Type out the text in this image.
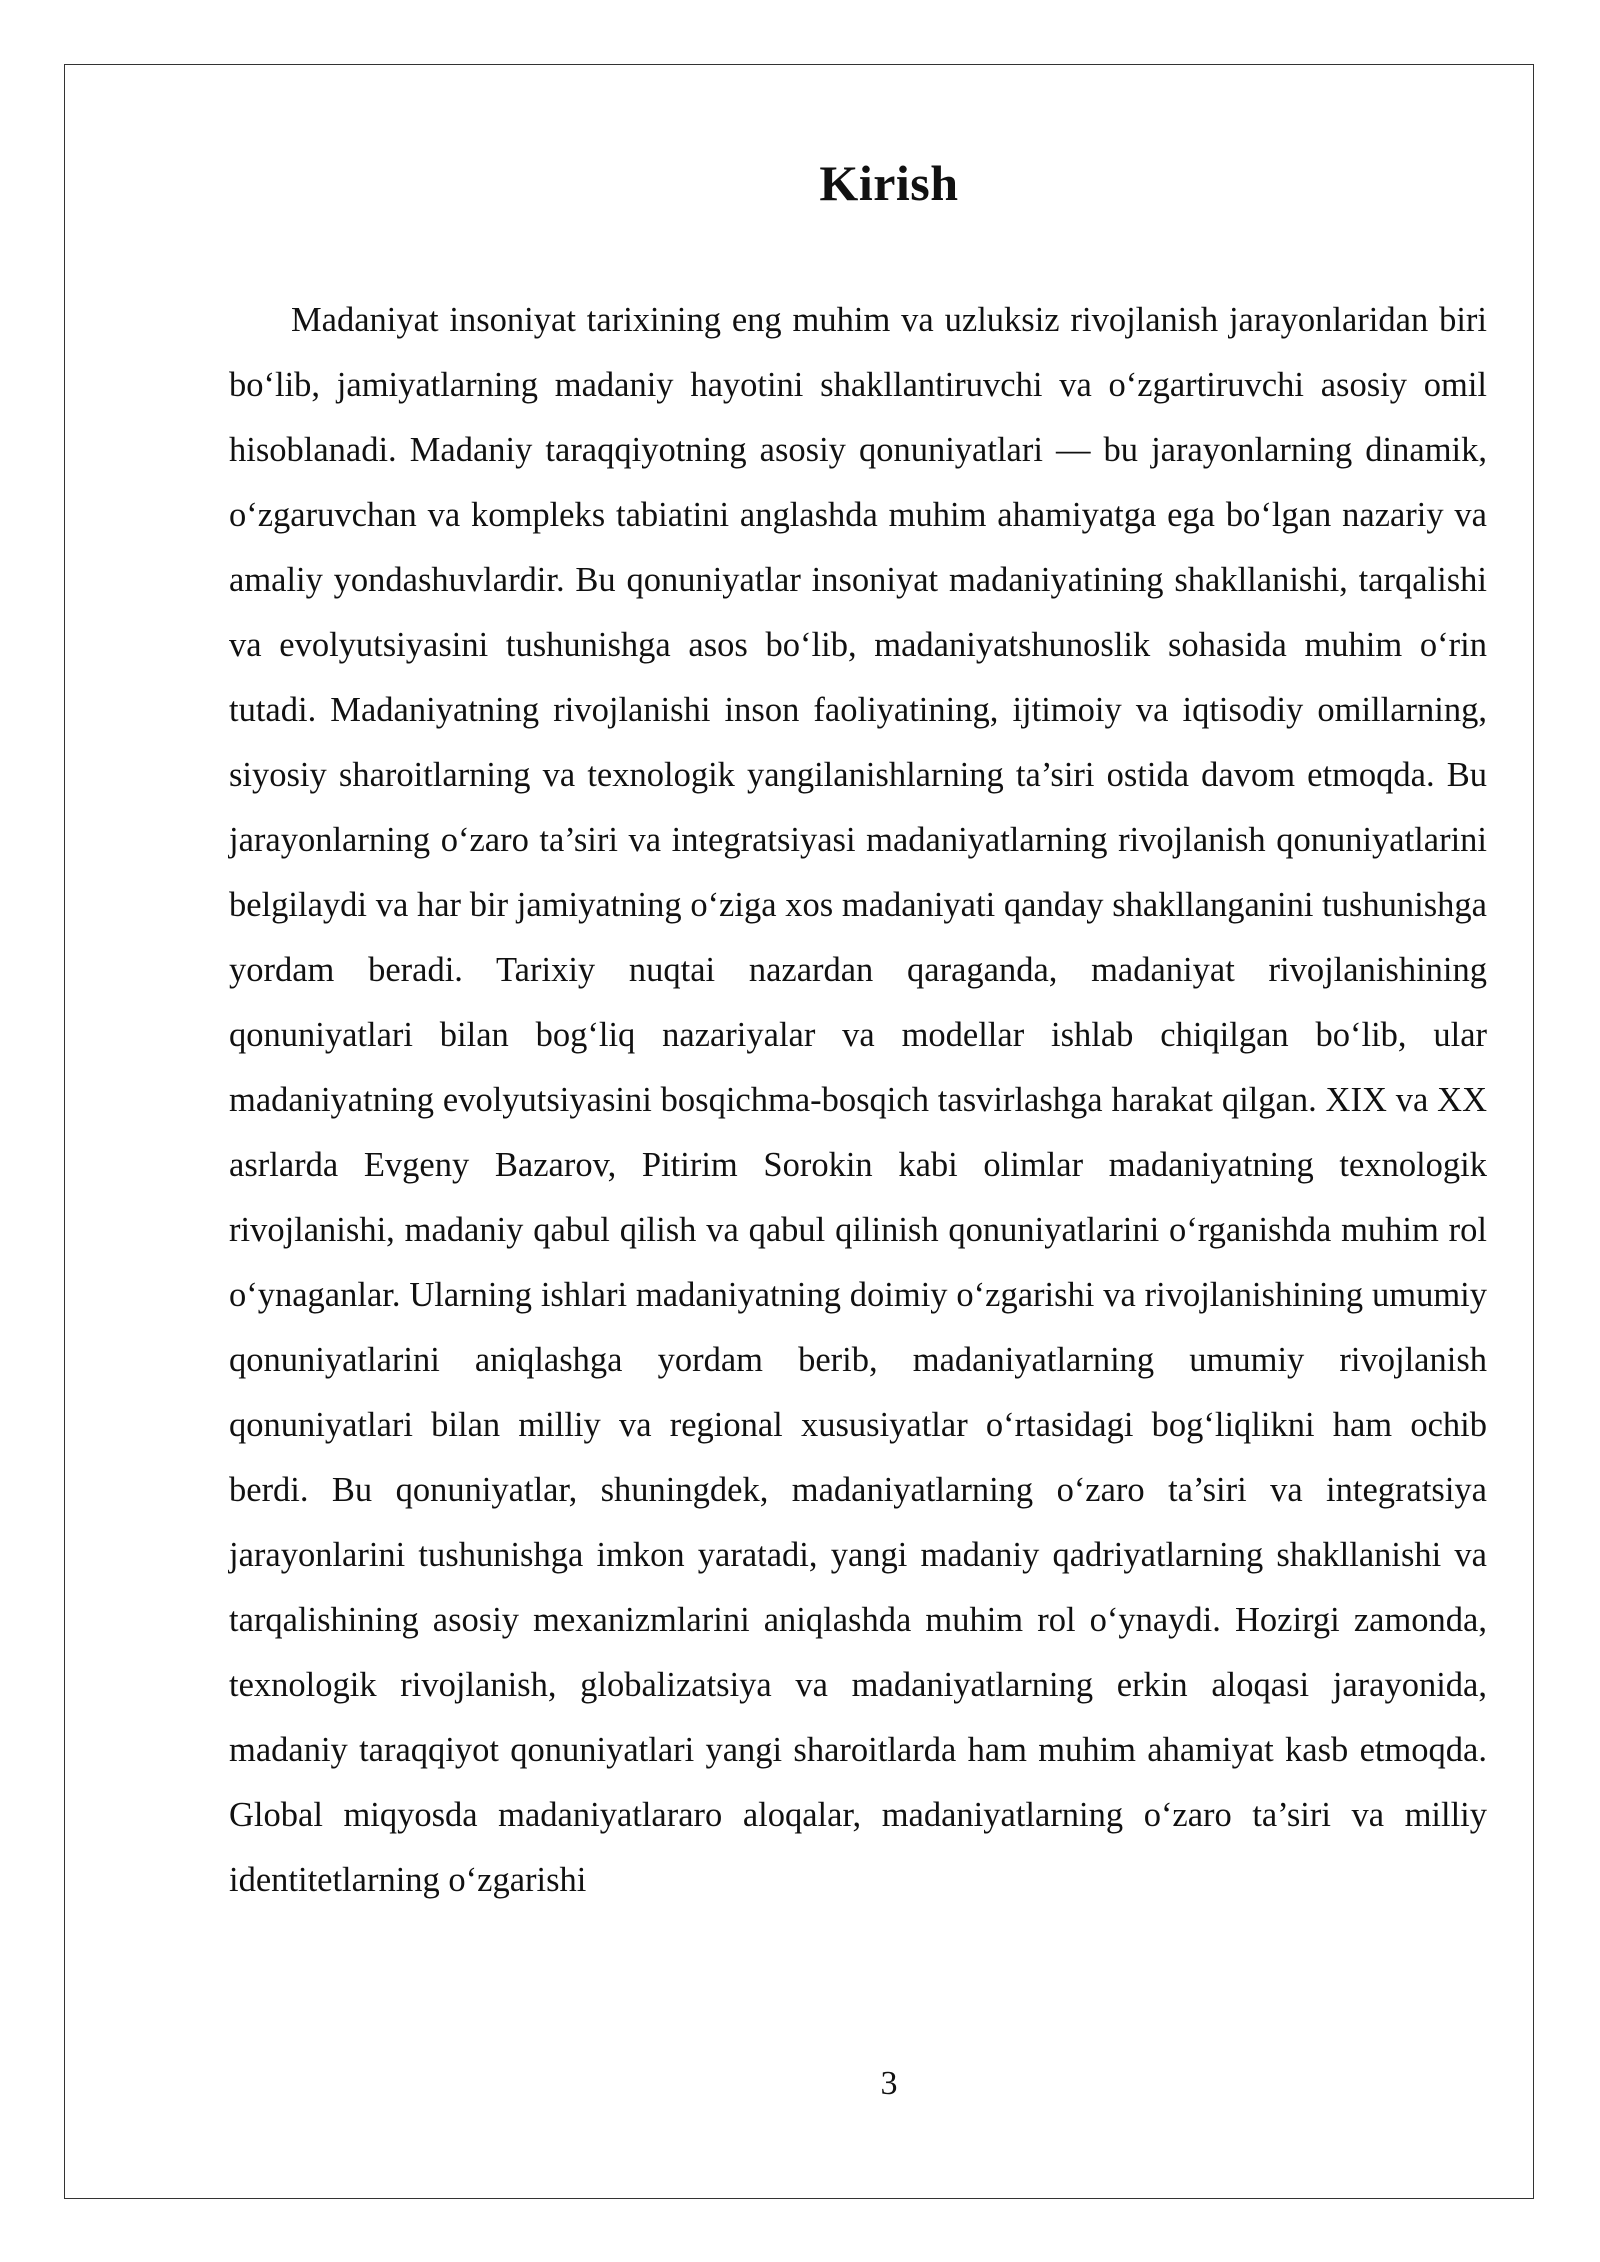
Kirish

Madaniyat insoniyat tarixining eng muhim va uzluksiz rivojlanish jarayonlaridan biri bo‘lib, jamiyatlarning madaniy hayotini shakllantiruvchi va o‘zgartiruvchi asosiy omil hisoblanadi. Madaniy taraqqiyotning asosiy qonuniyatlari — bu jarayonlarning dinamik, o‘zgaruvchan va kompleks tabiatini anglashda muhim ahamiyatga ega bo‘lgan nazariy va amaliy yondashuvlardir. Bu qonuniyatlar insoniyat madaniyatining shakllanishi, tarqalishi va evolyutsiyasini tushunishga asos bo‘lib, madaniyatshunoslik sohasida muhim o‘rin tutadi. Madaniyatning rivojlanishi inson faoliyatining, ijtimoiy va iqtisodiy omillarning, siyosiy sharoitlarning va texnologik yangilanishlarning ta’siri ostida davom etmoqda. Bu jarayonlarning o‘zaro ta’siri va integratsiyasi madaniyatlarning rivojlanish qonuniyatlarini belgilaydi va har bir jamiyatning o‘ziga xos madaniyati qanday shakllanganini tushunishga yordam beradi. Tarixiy nuqtai nazardan qaraganda, madaniyat rivojlanishining qonuniyatlari bilan bog‘liq nazariyalar va modellar ishlab chiqilgan bo‘lib, ular madaniyatning evolyutsiyasini bosqichma-bosqich tasvirlashga harakat qilgan. XIX va XX asrlarda Evgeny Bazarov, Pitirim Sorokin kabi olimlar madaniyatning texnologik rivojlanishi, madaniy qabul qilish va qabul qilinish qonuniyatlarini o‘rganishda muhim rol o‘ynaganlar. Ularning ishlari madaniyatning doimiy o‘zgarishi va rivojlanishining umumiy qonuniyatlarini aniqlashga yordam berib, madaniyatlarning umumiy rivojlanish qonuniyatlari bilan milliy va regional xususiyatlar o‘rtasidagi bog‘liqlikni ham ochib berdi. Bu qonuniyatlar, shuningdek, madaniyatlarning o‘zaro ta’siri va integratsiya jarayonlarini tushunishga imkon yaratadi, yangi madaniy qadriyatlarning shakllanishi va tarqalishining asosiy mexanizmlarini aniqlashda muhim rol o‘ynaydi. Hozirgi zamonda, texnologik rivojlanish, globalizatsiya va madaniyatlarning erkin aloqasi jarayonida, madaniy taraqqiyot qonuniyatlari yangi sharoitlarda ham muhim ahamiyat kasb etmoqda. Global miqyosda madaniyatlararo aloqalar, madaniyatlarning o‘zaro ta’siri va milliy identitetlarning o‘zgarishi

3
